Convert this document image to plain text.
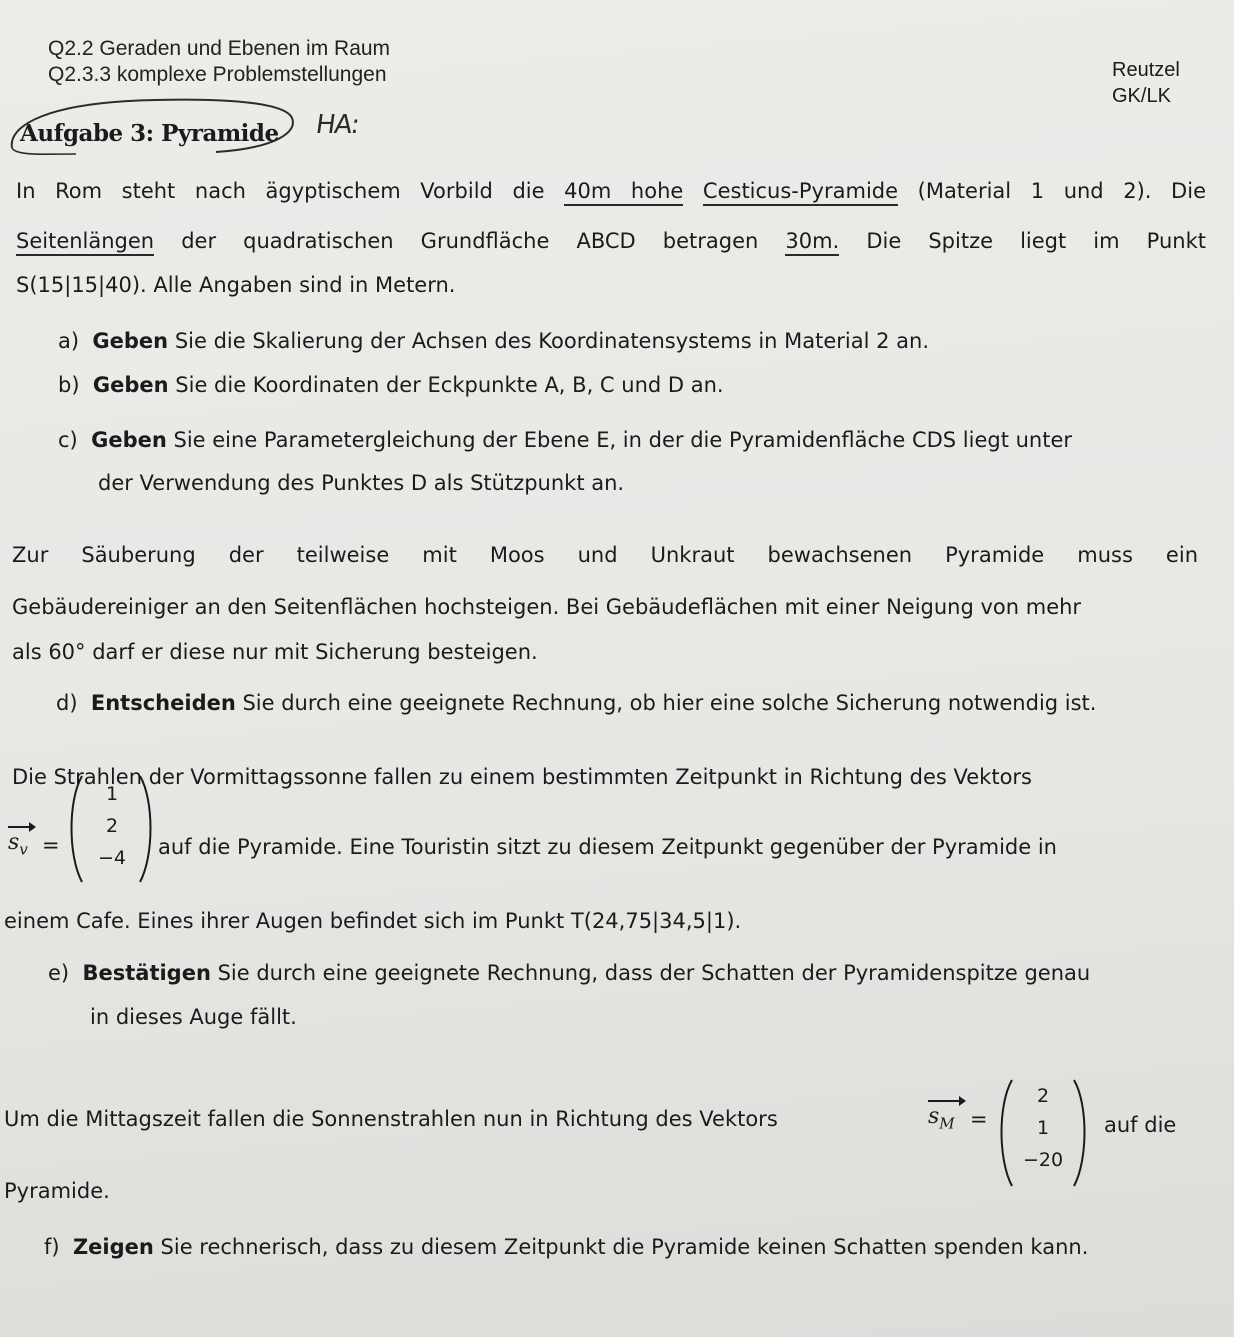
Q2.2 Geraden und Ebenen im Raum
Q2.3.3 komplexe Problemstellungen	Reutzel
GK/LK
Aufgabe 3: Pyramide HA:
In Rom steht nach ägyptischem Vorbild die 40m hohe Cesticus-Pyramide (Material 1 und 2). Die
Seitenlängen der quadratischen Grundfläche ABCD betragen 30m. Die Spitze liegt im Punkt
S(15|15|40). Alle Angaben sind in Metern.
a) Geben Sie die Skalierung der Achsen des Koordinatensystems in Material 2 an.
b) Geben Sie die Koordinaten der Eckpunkte A, B, C und D an.
c) Geben Sie eine Parametergleichung der Ebene E, in der die Pyramidenfläche CDS liegt unter
der Verwendung des Punktes D als Stützpunkt an.
Zur Säuberung der teilweise mit Moos und Unkraut bewachsenen Pyramide muss ein
Gebäudereiniger an den Seitenflächen hochsteigen. Bei Gebäudeflächen mit einer Neigung von mehr
als 60° darf er diese nur mit Sicherung besteigen.
d) Entscheiden Sie durch eine geeignete Rechnung, ob hier eine solche Sicherung notwendig ist.
Die Strahlen der Vormittagssonne fallen zu einem bestimmten Zeitpunkt in Richtung des Vektors
$s_v$ =
1
2
−4	auf die Pyramide. Eine Touristin sitzt zu diesem Zeitpunkt gegenüber der Pyramide in
einem Cafe. Eines ihrer Augen befindet sich im Punkt T(24,75|34,5|1).
e) Bestätigen Sie durch eine geeignete Rechnung, dass der Schatten der Pyramidenspitze genau
in dieses Auge fällt.
Um die Mittagszeit fallen die Sonnenstrahlen nun in Richtung des Vektors	$s_M$ =
2
1
−20
auf die
Pyramide.
f) Zeigen Sie rechnerisch, dass zu diesem Zeitpunkt die Pyramide keinen Schatten spenden kann.
